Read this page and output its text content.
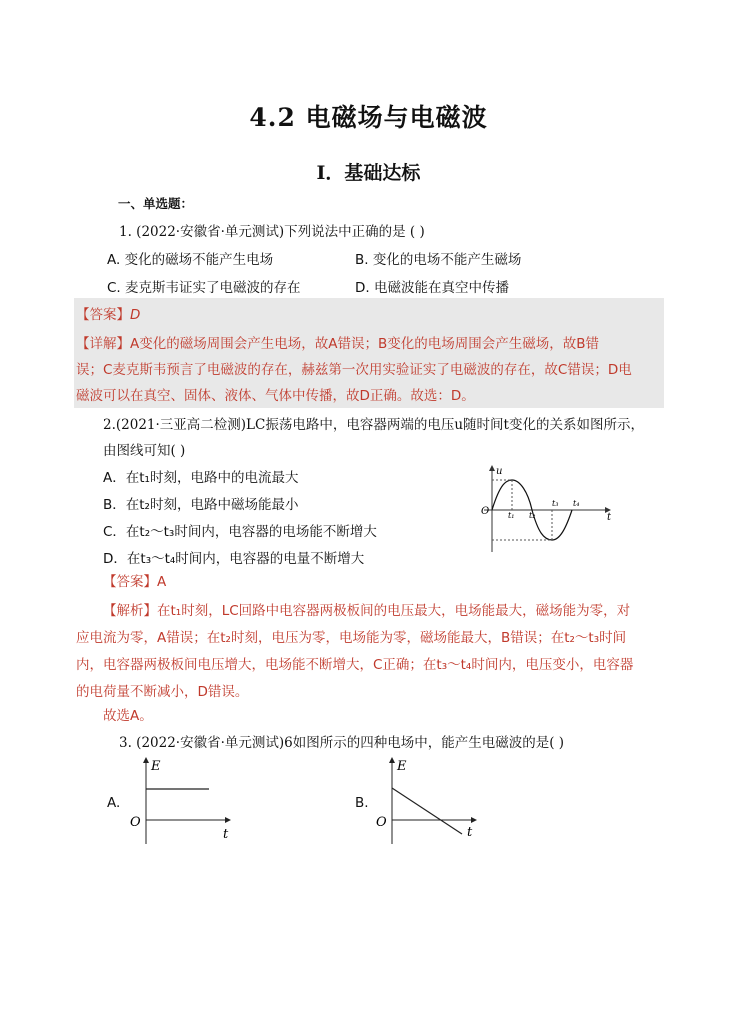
4.2 电磁场与电磁波
Ⅰ．基础达标
一、单选题：
1. (2022·安徽省·单元测试)下列说法中正确的是 ( )
A. 变化的磁场不能产生电场	B. 变化的电场不能产生磁场
C. 麦克斯韦证实了电磁波的存在	D. 电磁波能在真空中传播
【答案】D
【详解】A变化的磁场周围会产生电场，故A错误；B变化的电场周围会产生磁场，故B错
误；C麦克斯韦预言了电磁波的存在，赫兹第一次用实验证实了电磁波的存在，故C错误；D电
磁波可以在真空、固体、液体、气体中传播，故D正确。故选：D。
2.(2021·三亚高二检测)LC振荡电路中，电容器两端的电压u随时间t变化的关系如图所示，
由图线可知( )
A．在t₁时刻，电路中的电流最大
B．在t₂时刻，电路中磁场能最小
C．在t₂～t₃时间内，电容器的电场能不断增大
D．在t₃～t₄时间内，电容器的电量不断增大
u
t
O t₁ t₂
t₃ t₄
【答案】A
【解析】在t₁时刻，LC回路中电容器两极板间的电压最大，电场能最大，磁场能为零，对
应电流为零，A错误；在t₂时刻，电压为零，电场能为零，磁场能最大，B错误；在t₂～t₃时间
内，电容器两极板间电压增大，电场能不断增大，C正确；在t₃～t₄时间内，电压变小，电容器
的电荷量不断减小，D错误。
故选A。
3. (2022·安徽省·单元测试)6如图所示的四种电场中，能产生电磁波的是( )
A.
E
O
t
B.
E
O
t
